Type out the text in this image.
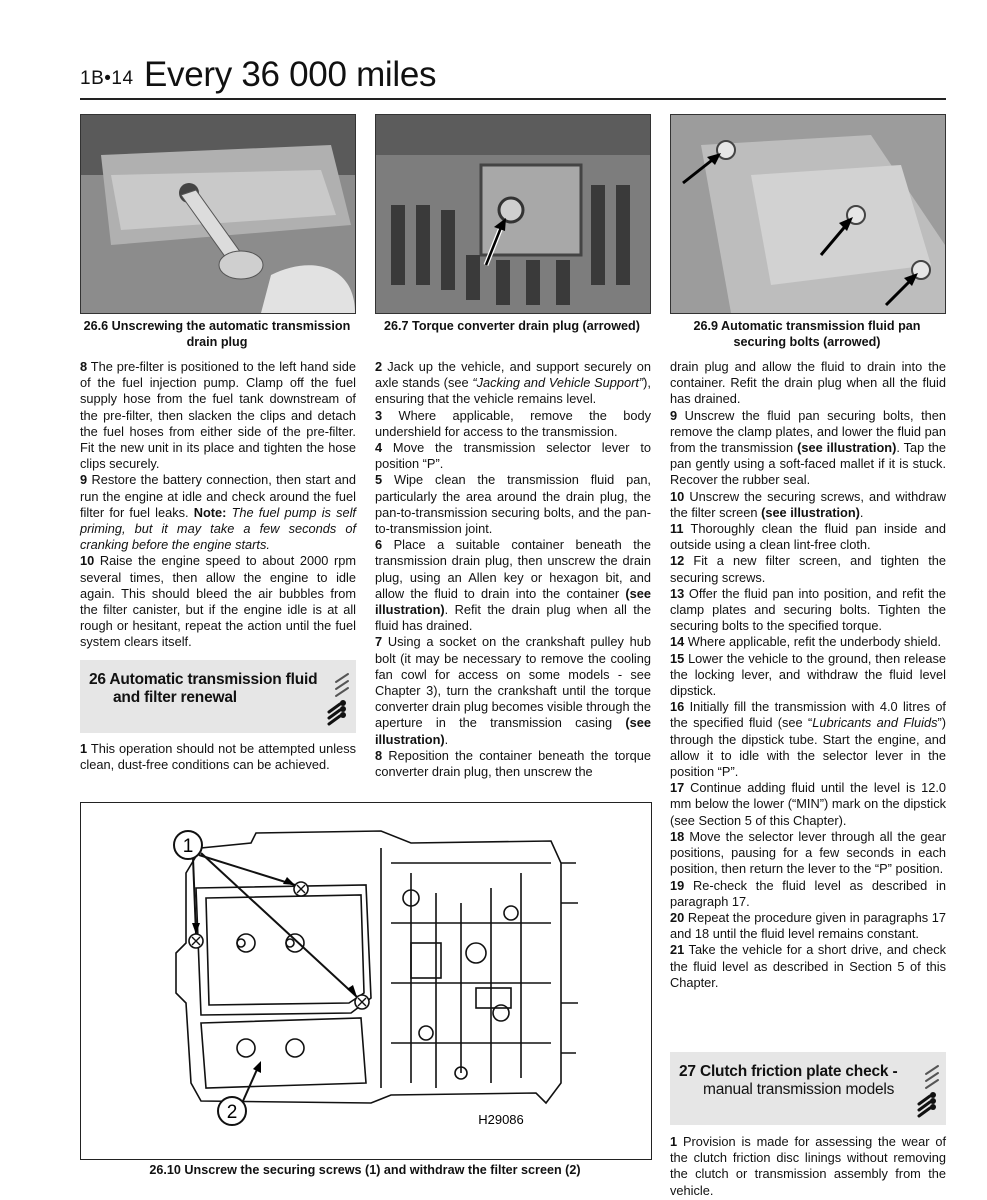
1B•14 Every 36 000 miles
26.6 Unscrewing the automatic transmission drain plug
26.7 Torque converter drain plug (arrowed)	26.9 Automatic transmission fluid pan securing bolts (arrowed)

8 The pre-filter is positioned to the left hand side of the fuel injection pump. Clamp off the fuel supply hose from the fuel tank downstream of the pre-filter, then slacken the clips and detach the fuel hoses from either side of the pre-filter. Fit the new unit in its place and tighten the hose clips securely.

9 Restore the battery connection, then start and run the engine at idle and check around the fuel filter for fuel leaks. Note: The fuel pump is self priming, but it may take a few seconds of cranking before the engine starts.

10 Raise the engine speed to about 2000 rpm several times, then allow the engine to idle again. This should bleed the air bubbles from the filter canister, but if the engine idle is at all rough or hesitant, repeat the action until the fuel system clears itself.

26 Automatic transmission fluid
and filter renewal

1 This operation should not be attempted unless clean, dust-free conditions can be achieved.

2 Jack up the vehicle, and support securely on axle stands (see “Jacking and Vehicle Support”), ensuring that the vehicle remains level.

3 Where applicable, remove the body undershield for access to the transmission.

4 Move the transmission selector lever to position “P”.

5 Wipe clean the transmission fluid pan, particularly the area around the drain plug, the pan-to-transmission securing bolts, and the pan-to-transmission joint.

6 Place a suitable container beneath the transmission drain plug, then unscrew the drain plug, using an Allen key or hexagon bit, and allow the fluid to drain into the container (see illustration). Refit the drain plug when all the fluid has drained.

7 Using a socket on the crankshaft pulley hub bolt (it may be necessary to remove the cooling fan cowl for access on some models - see Chapter 3), turn the crankshaft until the torque converter drain plug becomes visible through the aperture in the transmission casing (see illustration).

8 Reposition the container beneath the torque converter drain plug, then unscrew the

drain plug and allow the fluid to drain into the container. Refit the drain plug when all the fluid has drained.

9 Unscrew the fluid pan securing bolts, then remove the clamp plates, and lower the fluid pan from the transmission (see illustration). Tap the pan gently using a soft-faced mallet if it is stuck. Recover the rubber seal.

10 Unscrew the securing screws, and withdraw the filter screen (see illustration).

11 Thoroughly clean the fluid pan inside and outside using a clean lint-free cloth.

12 Fit a new filter screen, and tighten the securing screws.

13 Offer the fluid pan into position, and refit the clamp plates and securing bolts. Tighten the securing bolts to the specified torque.

14 Where applicable, refit the underbody shield.

15 Lower the vehicle to the ground, then release the locking lever, and withdraw the fluid level dipstick.

16 Initially fill the transmission with 4.0 litres of the specified fluid (see “Lubricants and Fluids”) through the dipstick tube. Start the engine, and allow it to idle with the selector lever in the position “P”.

17 Continue adding fluid until the level is 12.0 mm below the lower (“MIN”) mark on the dipstick (see Section 5 of this Chapter).

18 Move the selector lever through all the gear positions, pausing for a few seconds in each position, then return the lever to the “P” position.

19 Re-check the fluid level as described in paragraph 17.

20 Repeat the procedure given in paragraphs 17 and 18 until the fluid level remains constant.

21 Take the vehicle for a short drive, and check the fluid level as described in Section 5 of this Chapter.

27 Clutch friction plate check -
manual transmission models

1 Provision is made for assessing the wear of the clutch friction disc linings without removing the clutch or transmission assembly from the vehicle.

1
2	H29086
26.10 Unscrew the securing screws (1) and withdraw the filter screen (2)
